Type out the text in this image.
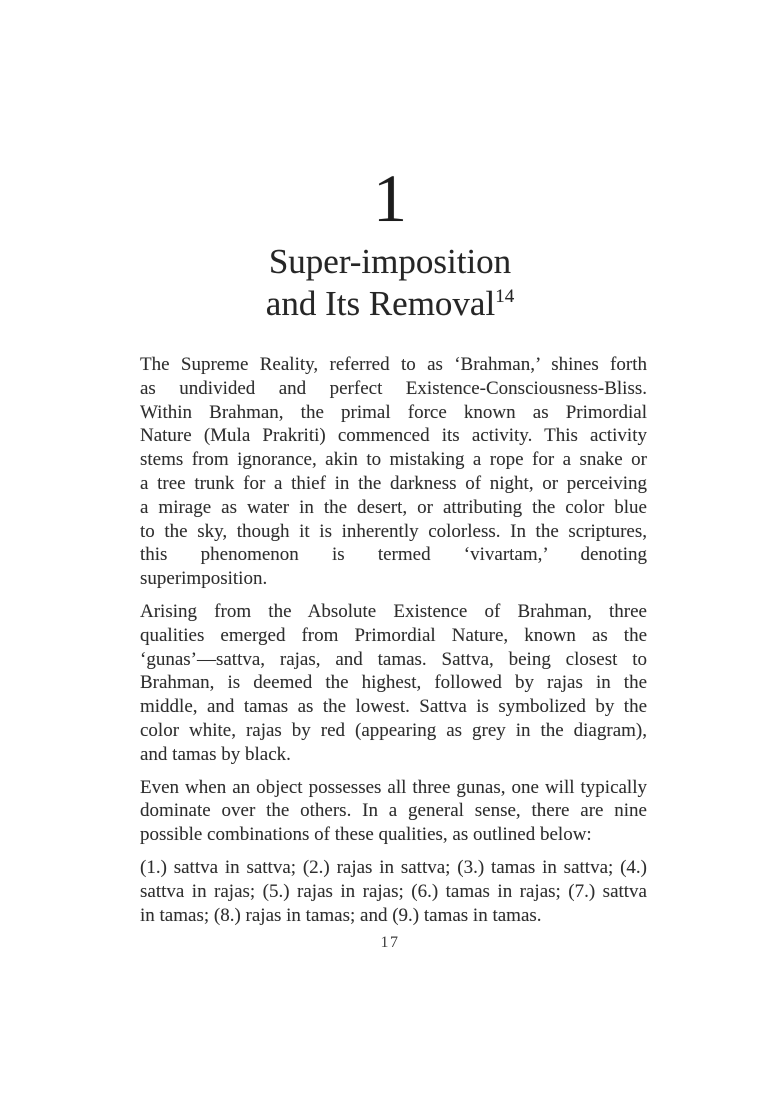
1
Super-imposition
and Its Removal$^{14}$
The Supreme Reality, referred to as ‘Brahman,’ shines forth
as undivided and perfect Existence-Consciousness-Bliss.
Within Brahman, the primal force known as Primordial
Nature (Mula Prakriti) commenced its activity. This activity
stems from ignorance, akin to mistaking a rope for a snake or
a tree trunk for a thief in the darkness of night, or perceiving
a mirage as water in the desert, or attributing the color blue
to the sky, though it is inherently colorless. In the scriptures,
this phenomenon is termed ‘vivartam,’ denoting
superimposition.
Arising from the Absolute Existence of Brahman, three
qualities emerged from Primordial Nature, known as the
‘gunas’—sattva, rajas, and tamas. Sattva, being closest to
Brahman, is deemed the highest, followed by rajas in the
middle, and tamas as the lowest. Sattva is symbolized by the
color white, rajas by red (appearing as grey in the diagram),
and tamas by black.
Even when an object possesses all three gunas, one will typically
dominate over the others. In a general sense, there are nine
possible combinations of these qualities, as outlined below:
(1.) sattva in sattva; (2.) rajas in sattva; (3.) tamas in sattva; (4.)
sattva in rajas; (5.) rajas in rajas; (6.) tamas in rajas; (7.) sattva
in tamas; (8.) rajas in tamas; and (9.) tamas in tamas.
17
